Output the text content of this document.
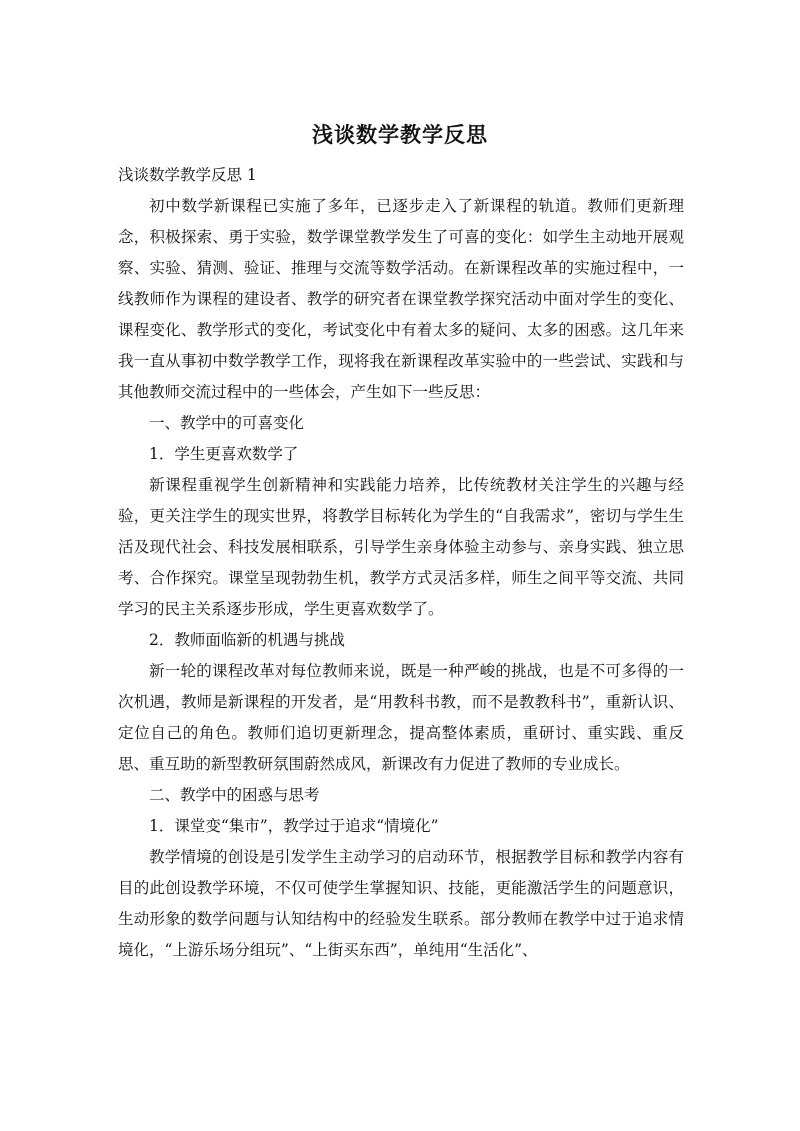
浅谈数学教学反思

浅谈数学教学反思 1

初中数学新课程已实施了多年，已逐步走入了新课程的轨道。教师们更新理念，积极探索、勇于实验，数学课堂教学发生了可喜的变化：如学生主动地开展观察、实验、猜测、验证、推理与交流等数学活动。在新课程改革的实施过程中，一线教师作为课程的建设者、教学的研究者在课堂教学探究活动中面对学生的变化、课程变化、教学形式的变化，考试变化中有着太多的疑问、太多的困惑。这几年来我一直从事初中数学教学工作，现将我在新课程改革实验中的一些尝试、实践和与其他教师交流过程中的一些体会，产生如下一些反思：

一、教学中的可喜变化

1．学生更喜欢数学了

新课程重视学生创新精神和实践能力培养，比传统教材关注学生的兴趣与经验，更关注学生的现实世界，将教学目标转化为学生的“自我需求”，密切与学生生活及现代社会、科技发展相联系，引导学生亲身体验主动参与、亲身实践、独立思考、合作探究。课堂呈现勃勃生机，教学方式灵活多样，师生之间平等交流、共同学习的民主关系逐步形成，学生更喜欢数学了。

2．教师面临新的机遇与挑战

新一轮的课程改革对每位教师来说，既是一种严峻的挑战，也是不可多得的一次机遇，教师是新课程的开发者，是“用教科书教，而不是教教科书”，重新认识、定位自己的角色。教师们追切更新理念，提高整体素质，重研讨、重实践、重反思、重互助的新型教研氛围蔚然成风，新课改有力促进了教师的专业成长。

二、教学中的困惑与思考

1．课堂变“集市”，教学过于追求“情境化”

教学情境的创设是引发学生主动学习的启动环节，根据教学目标和教学内容有目的此创设教学环境，不仅可使学生掌握知识、技能，更能激活学生的问题意识，生动形象的数学问题与认知结构中的经验发生联系。部分教师在教学中过于追求情境化，“上游乐场分组玩”、“上街买东西”，单纯用“生活化”、
